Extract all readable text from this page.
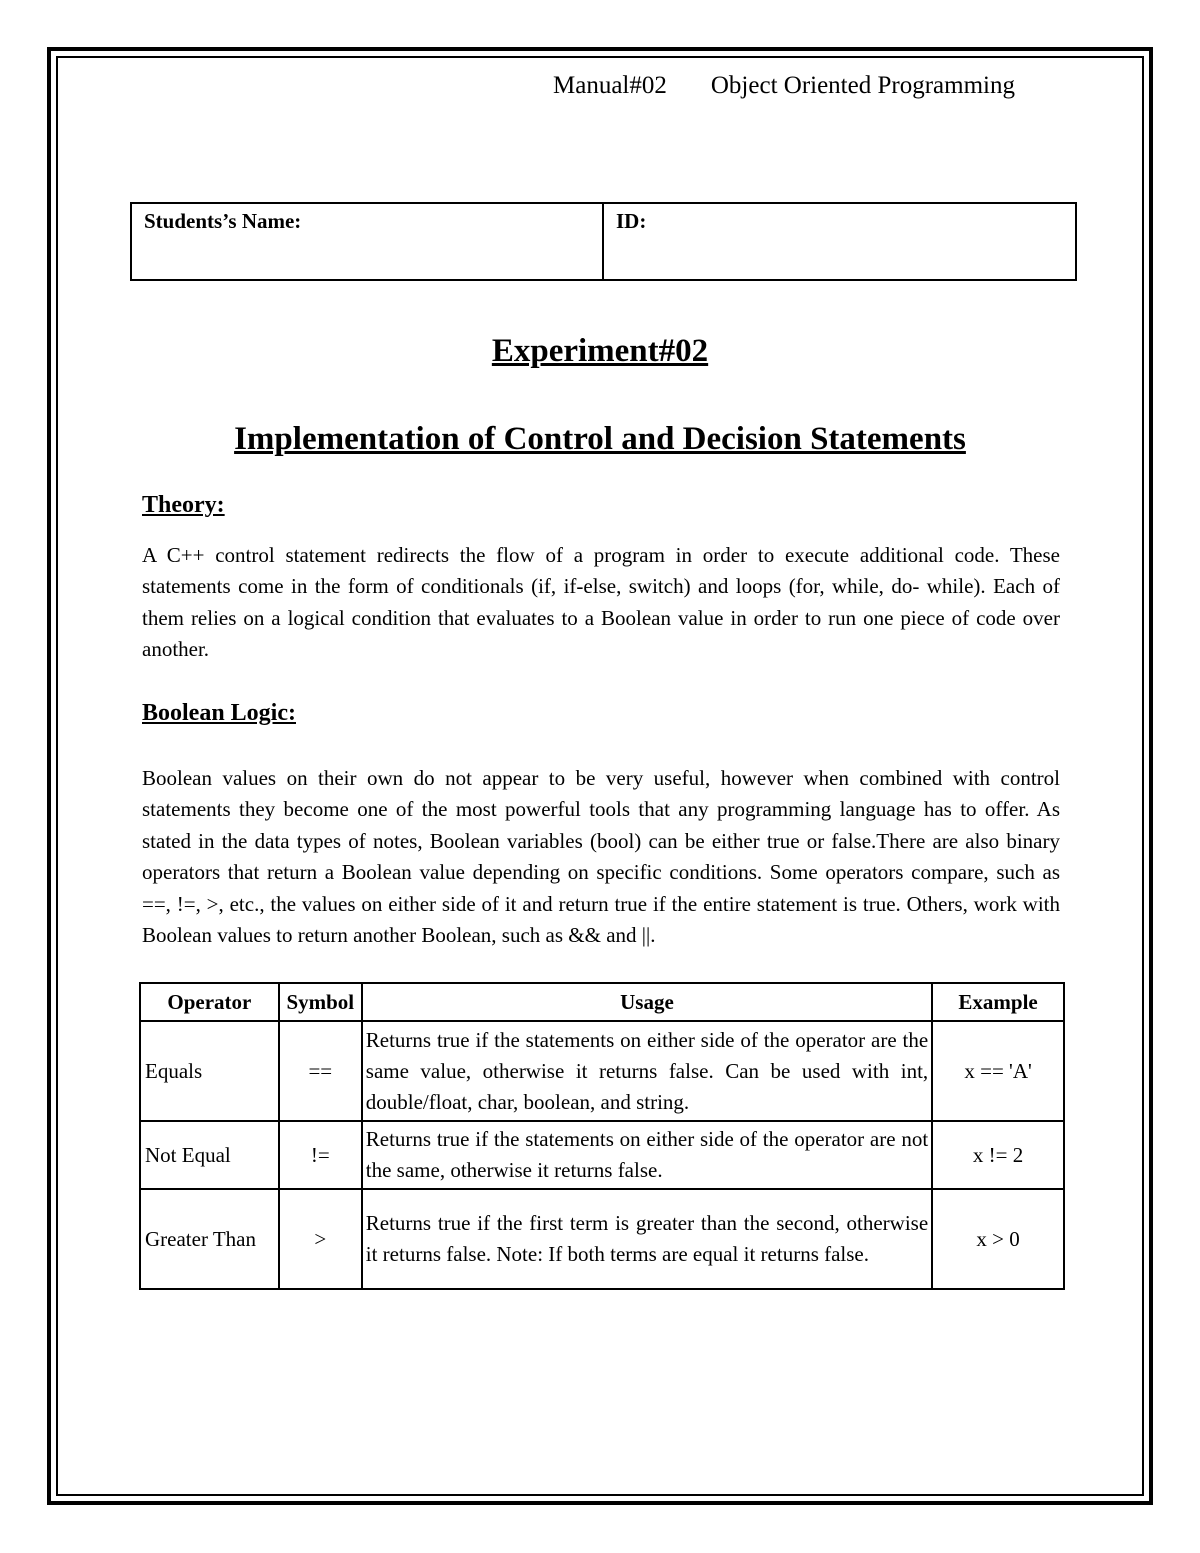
Manual#02 Object Oriented Programming
Students’s Name:	ID:
Experiment#02
Implementation of Control and Decision Statements
Theory:

A C++ control statement redirects the flow of a program in order to execute additional code. These statements come in the form of conditionals (if, if-else, switch) and loops (for, while, do- while). Each of them relies on a logical condition that evaluates to a Boolean value in order to run one piece of code over another.

Boolean Logic:

Boolean values on their own do not appear to be very useful, however when combined with control statements they become one of the most powerful tools that any programming language has to offer. As stated in the data types of notes, Boolean variables (bool) can be either true or false.There are also binary operators that return a Boolean value depending on specific conditions. Some operators compare, such as ==, !=, >, etc., the values on either side of it and return true if the entire statement is true. Others, work with Boolean values to return another Boolean, such as && and ||.

Operator	Symbol	Usage	Example
Equals	==	Returns true if the statements on either side of the operator are the same value, otherwise it returns false. Can be used with int, double/float, char, boolean, and string.	x == 'A'
Not Equal	!=	Returns true if the statements on either side of the operator are not the same, otherwise it returns false.	x != 2
Greater Than	>	Returns true if the first term is greater than the second, otherwise it returns false. Note: If both terms are equal it returns false.	x > 0
